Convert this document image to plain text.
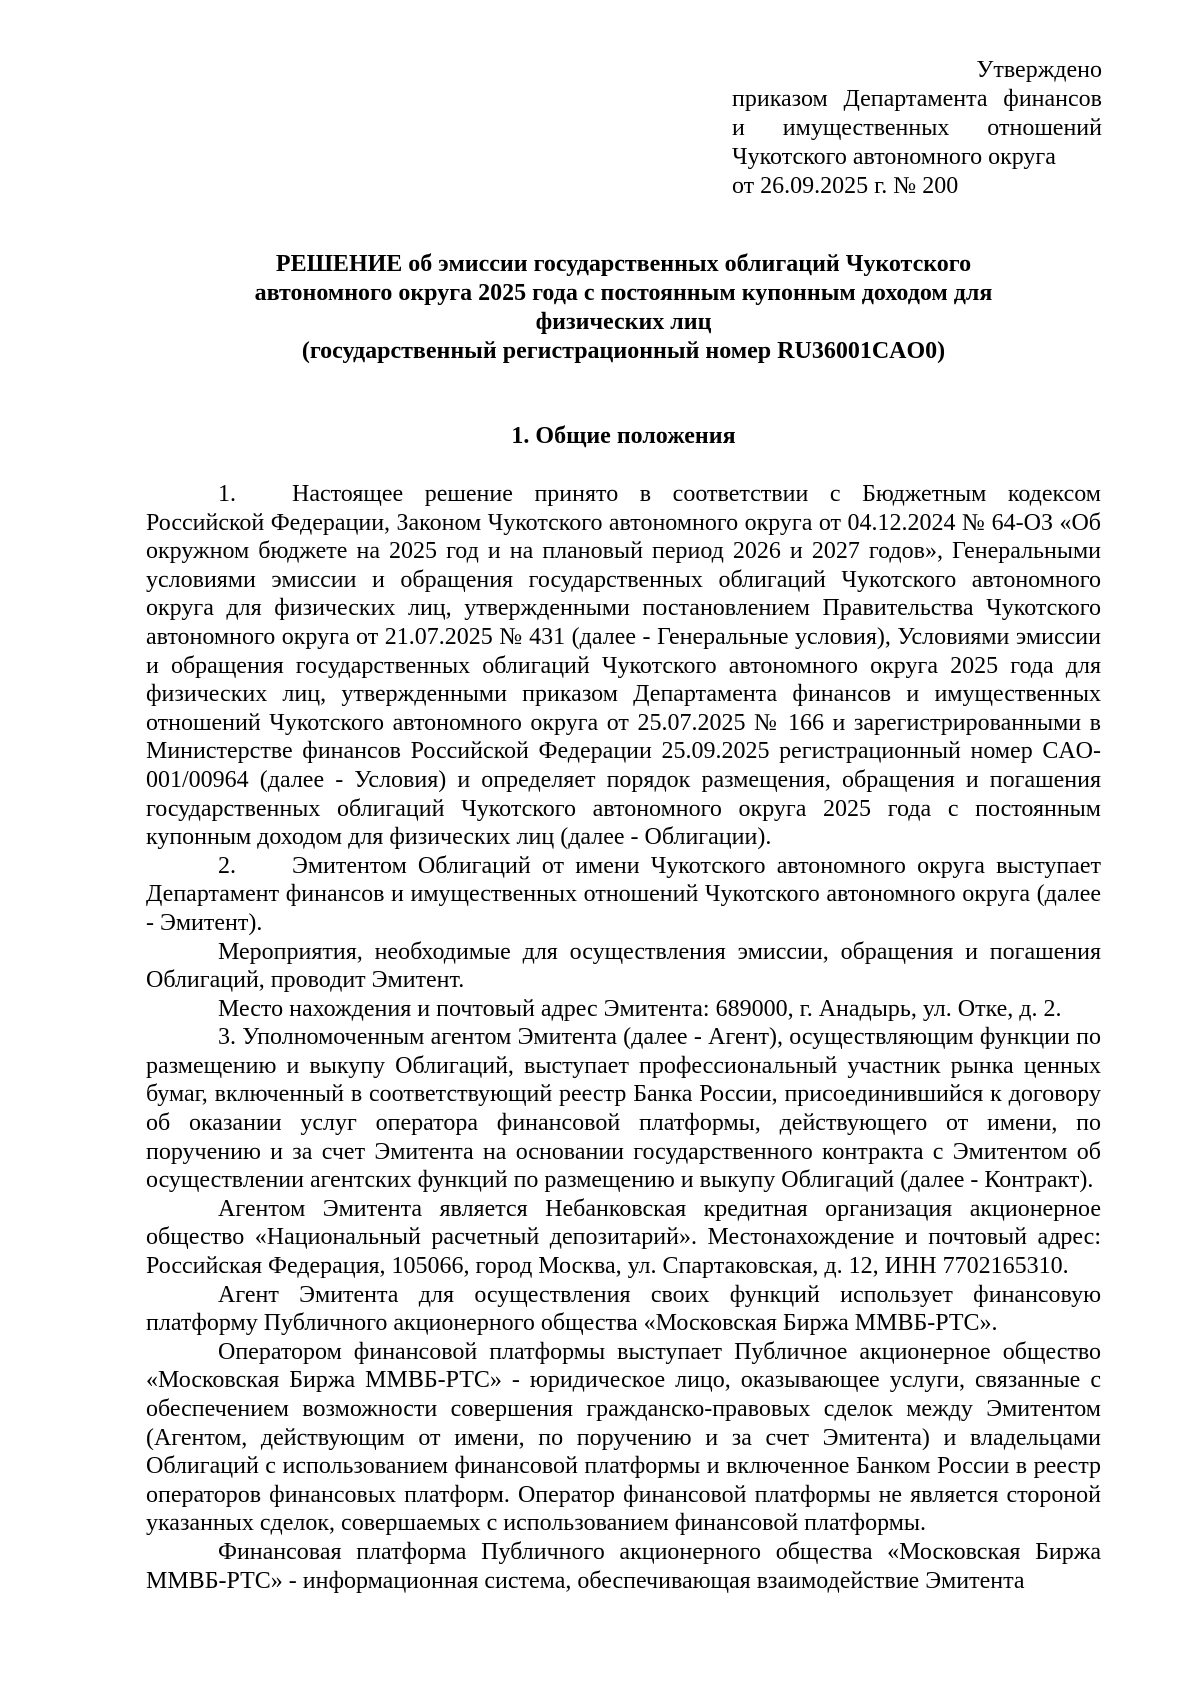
Утверждено
приказом Департамента финансов
и имущественных отношений
Чукотского автономного округа
от 26.09.2025 г. № 200
РЕШЕНИЕ об эмиссии государственных облигаций Чукотского
автономного округа 2025 года с постоянным купонным доходом для
физических лиц
(государственный регистрационный номер RU36001CAO0)
1. Общие положения

1. Настоящее решение принято в соответствии с Бюджетным кодексом Российской Федерации, Законом Чукотского автономного округа от 04.12.2024 № 64-ОЗ «Об окружном бюджете на 2025 год и на плановый период 2026 и 2027 годов», Генеральными условиями эмиссии и обращения государственных облигаций Чукотского автономного округа для физических лиц, утвержденными постановлением Правительства Чукотского автономного округа от 21.07.2025 № 431 (далее - Генеральные условия), Условиями эмиссии и обращения государственных облигаций Чукотского автономного округа 2025 года для физических лиц, утвержденными приказом Департамента финансов и имущественных отношений Чукотского автономного округа от 25.07.2025 № 166 и зарегистрированными в Министерстве финансов Российской Федерации 25.09.2025 регистрационный номер CAO-001/00964 (далее - Условия) и определяет порядок размещения, обращения и погашения государственных облигаций Чукотского автономного округа 2025 года с постоянным купонным доходом для физических лиц (далее - Облигации).

2. Эмитентом Облигаций от имени Чукотского автономного округа выступает Департамент финансов и имущественных отношений Чукотского автономного округа (далее - Эмитент).

Мероприятия, необходимые для осуществления эмиссии, обращения и погашения Облигаций, проводит Эмитент.

Место нахождения и почтовый адрес Эмитента: 689000, г. Анадырь, ул. Отке, д. 2.

3. Уполномоченным агентом Эмитента (далее - Агент), осуществляющим функции по размещению и выкупу Облигаций, выступает профессиональный участник рынка ценных бумаг, включенный в соответствующий реестр Банка России, присоединившийся к договору об оказании услуг оператора финансовой платформы, действующего от имени, по поручению и за счет Эмитента на основании государственного контракта с Эмитентом об осуществлении агентских функций по размещению и выкупу Облигаций (далее - Контракт).

Агентом Эмитента является Небанковская кредитная организация акционерное общество «Национальный расчетный депозитарий». Местонахождение и почтовый адрес: Российская Федерация, 105066, город Москва, ул. Спартаковская, д. 12, ИНН 7702165310.

Агент Эмитента для осуществления своих функций использует финансовую платформу Публичного акционерного общества «Московская Биржа ММВБ-РТС».

Оператором финансовой платформы выступает Публичное акционерное общество «Московская Биржа ММВБ-РТС» - юридическое лицо, оказывающее услуги, связанные с обеспечением возможности совершения гражданско-правовых сделок между Эмитентом (Агентом, действующим от имени, по поручению и за счет Эмитента) и владельцами Облигаций с использованием финансовой платформы и включенное Банком России в реестр операторов финансовых платформ. Оператор финансовой платформы не является стороной указанных сделок, совершаемых с использованием финансовой платформы.

Финансовая платформа Публичного акционерного общества «Московская Биржа ММВБ-РТС» - информационная система, обеспечивающая взаимодействие Эмитента
